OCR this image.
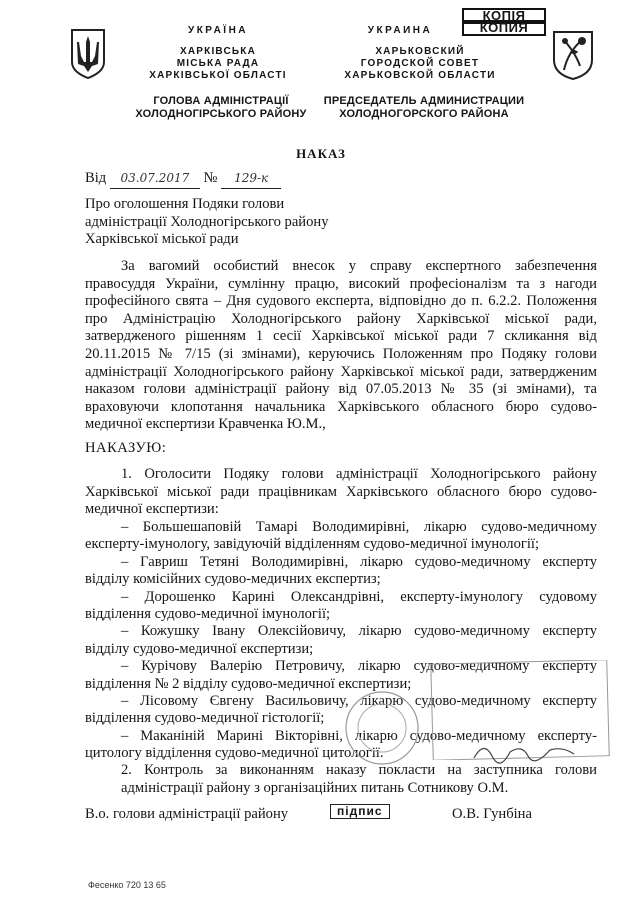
УКРАЇНА
ХАРКІВСЬКА
МІСЬКА РАДА
ХАРКІВСЬКОЇ ОБЛАСТІ
ГОЛОВА АДМІНІСТРАЦІЇ
ХОЛОДНОГІРСЬКОГО РАЙОНУ
УКРАИНА
ХАРЬКОВСКИЙ
ГОРОДСКОЙ СОВЕТ
ХАРЬКОВСКОЙ ОБЛАСТИ
ПРЕДСЕДАТЕЛЬ АДМИНИСТРАЦИИ
ХОЛОДНОГОРСКОГО РАЙОНА
КОПІЯ
КОПИЯ
НАКАЗ
Від 03.07.2017 № 129-к
Про оголошення Подяки голови
адміністрації Холодногірського району
Харківської міської ради
За вагомий особистий внесок у справу експертного забезпечення
правосуддя України, сумлінну працю, високий професіоналізм та з нагоди
професійного свята – Дня судового експерта, відповідно до п. 6.2.2. Положення
про Адміністрацію Холодногірського району Харківської міської ради,
затвердженого рішенням 1 сесії Харківської міської ради 7 скликання від
20.11.2015 № 7/15 (зі змінами), керуючись Положенням про Подяку голови
адміністрації Холодногірського району Харківської міської ради, затвердженим
наказом голови адміністрації району від 07.05.2013 № 35 (зі змінами), та
враховуючи клопотання начальника Харківського обласного бюро судово-
медичної експертизи Кравченка Ю.М.,
НАКАЗУЮ:
1. Оголосити Подяку голови адміністрації Холодногірського району
Харківської міської ради працівникам Харківського обласного бюро судово-
медичної експертизи:
– Большешаповій Тамарі Володимирівні, лікарю судово-медичному
експерту-імунологу, завідуючій відділенням судово-медичної імунології;
– Гавриш Тетяні Володимирівні, лікарю судово-медичному експерту
відділу комісійних судово-медичних експертиз;
– Дорошенко Карині Олександрівні, експерту-імунологу судовому
відділення судово-медичної імунології;
– Кожушку Івану Олексійовичу, лікарю судово-медичному експерту
відділу судово-медичної експертизи;
– Курічову Валерію Петровичу, лікарю судово-медичному експерту
відділення № 2 відділу судово-медичної експертизи;
– Лісовому Євгену Васильовичу, лікарю судово-медичному експерту
відділення судово-медичної гістології;
– Маканіній Марині Вікторівні, лікарю судово-медичному експерту-
цитологу відділення судово-медичної цитології.
2. Контроль за виконанням наказу покласти на заступника голови
адміністрації району з організаційних питань Сотникову О.М.
В.о. голови адміністрації району	О.В. Гунбіна
підпис
Фесенко 720 13 65
